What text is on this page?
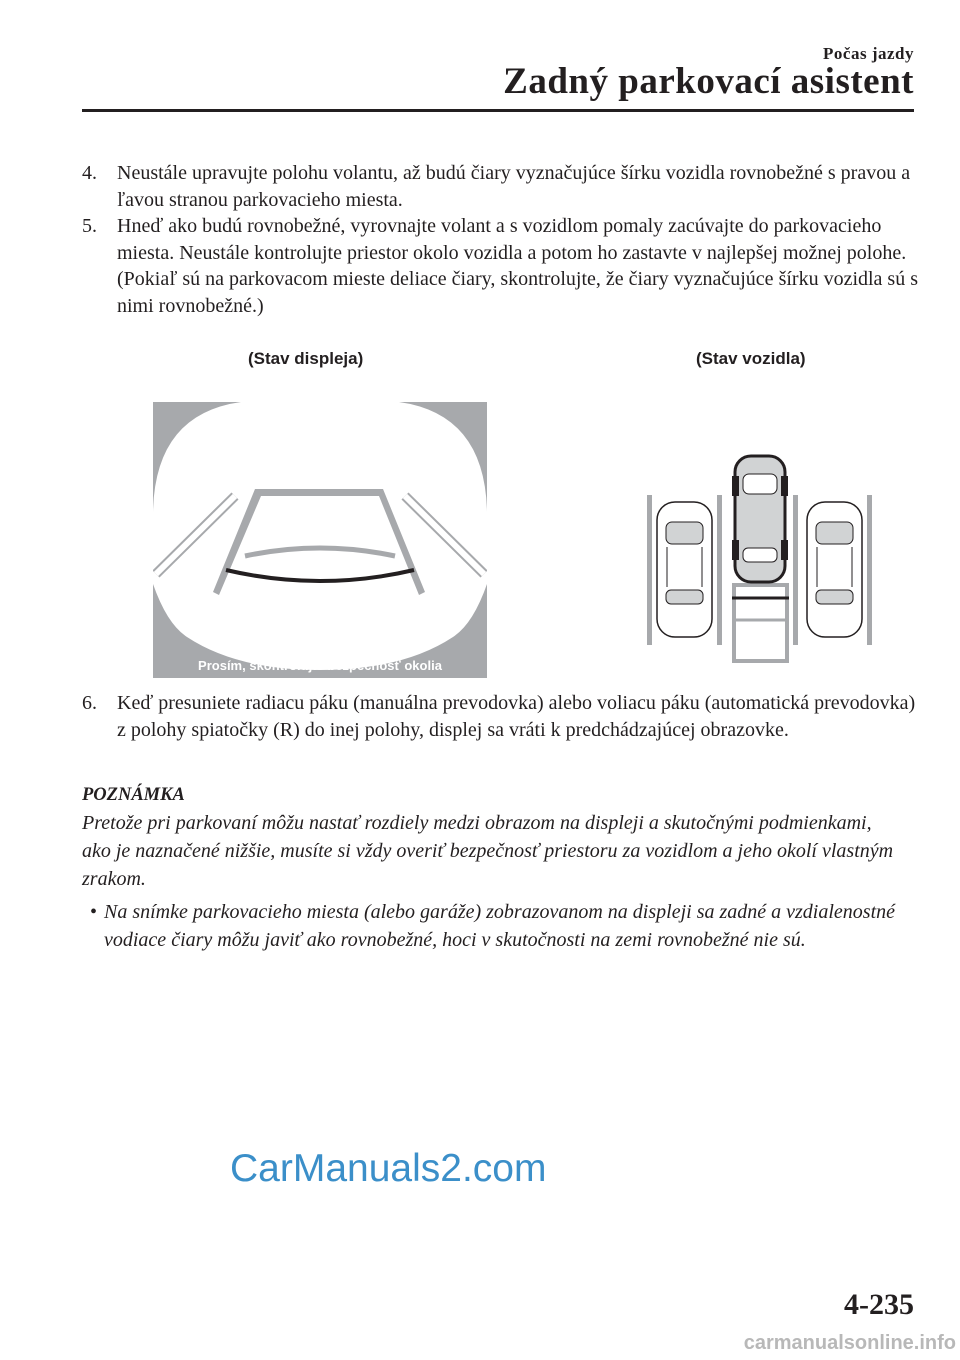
Počas jazdy
Zadný parkovací asistent
4. Neustále upravujte polohu volantu, až budú čiary vyznačujúce šírku vozidla rovnobežné s pravou a ľavou stranou parkovacieho miesta.
5. Hneď ako budú rovnobežné, vyrovnajte volant a s vozidlom pomaly zacúvajte do parkovacieho miesta. Neustále kontrolujte priestor okolo vozidla a potom ho zastavte v najlepšej možnej polohe. (Pokiaľ sú na parkovacom mieste deliace čiary, skontrolujte, že čiary vyznačujúce šírku vozidla sú s nimi rovnobežné.)
(Stav displeja)	(Stav vozidla)
Prosím, skontrolujte bezpečnosť okolia
6. Keď presuniete radiacu páku (manuálna prevodovka) alebo voliacu páku (automatická prevodovka) z polohy spiatočky (R) do inej polohy, displej sa vráti k predchádzajúcej obrazovke.
POZNÁMKA
Pretože pri parkovaní môžu nastať rozdiely medzi obrazom na displeji a skutočnými podmienkami, ako je naznačené nižšie, musíte si vždy overiť bezpečnosť priestoru za vozidlom a jeho okolí vlastným zrakom.
• Na snímke parkovacieho miesta (alebo garáže) zobrazovanom na displeji sa zadné a vzdialenostné vodiace čiary môžu javiť ako rovnobežné, hoci v skutočnosti na zemi rovnobežné nie sú.
CarManuals2.com
4-235
carmanualsonline.info
